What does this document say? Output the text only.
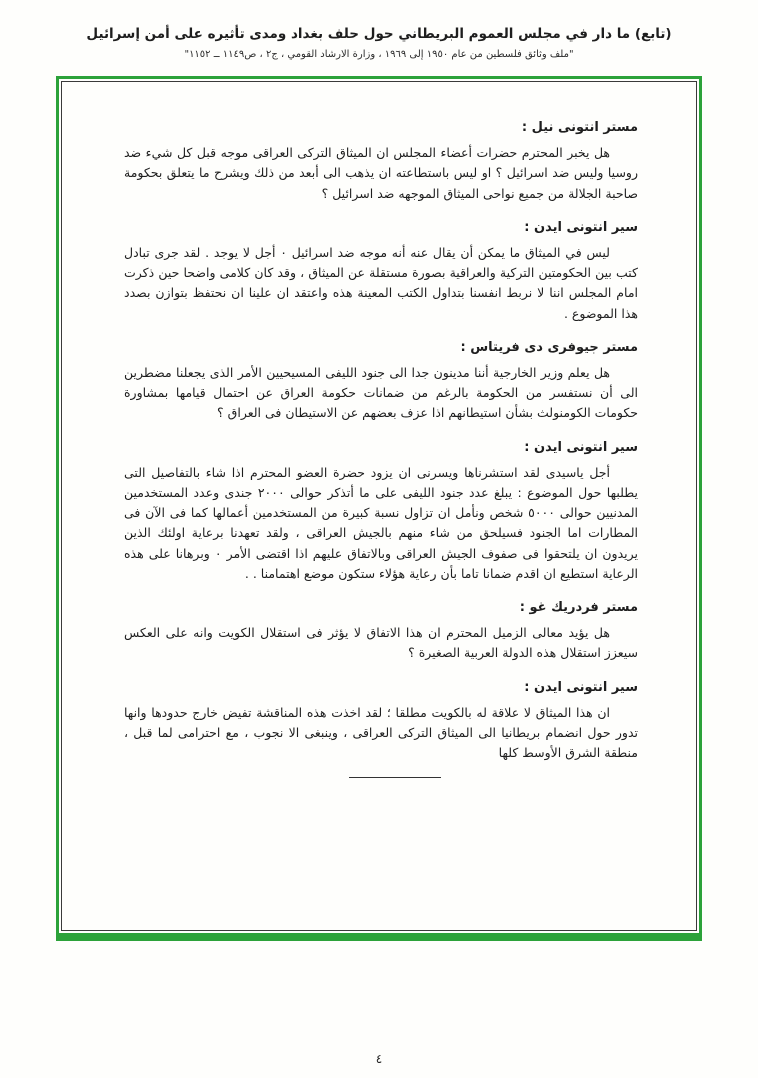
(تابع) ما دار في مجلس العموم البريطاني حول حلف بغداد ومدى تأثيره على أمن إسرائيل
"ملف وثائق فلسطين من عام ١٩٥٠ إلى ١٩٦٩ ، وزارة الارشاد القومي ، ج٢ ، ص١١٤٩ ــ ١١٥٢"
مستر انتونى نيل :

هل يخبر المحترم حضرات أعضاء المجلس ان الميثاق التركى العراقى موجه قبل كل شيء ضد روسيا وليس ضد اسرائيل ؟ او ليس باستطاعته ان يذهب الى أبعد من ذلك ويشرح ما يتعلق بحكومة صاحبة الجلالة من جميع نواحى الميثاق الموجهه ضد اسرائيل ؟

سير انتونى ايدن :

ليس في الميثاق ما يمكن أن يقال عنه أنه موجه ضد اسرائيل ۰ أجل لا يوجد . لقد جرى تبادل كتب بين الحكومتين التركية والعراقية بصورة مستقلة عن الميثاق ، وقد كان كلامى واضحا حين ذكرت امام المجلس اننا لا نربط انفسنا بتداول الكتب المعينة هذه واعتقد ان علينا ان نحتفظ بتوازن بصدد هذا الموضوع .

مستر جيوفرى دى فريتاس :

هل يعلم وزير الخارجية أننا مدينون جدا الى جنود الليفى المسيحيين الأمر الذى يجعلنا مضطرين الى أن نستفسر من الحكومة بالرغم من ضمانات حكومة العراق عن احتمال قيامها بمشاورة حكومات الكومنولث بشأن استيطانهم اذا عزف بعضهم عن الاستيطان فى العراق ؟

سير انتونى ايدن :

أجل ياسيدى لقد استشرناها ويسرنى ان يزود حضرة العضو المحترم اذا شاء بالتفاصيل التى يطلبها حول الموضوع : يبلغ عدد جنود الليفى على ما أتذكر حوالى ٢٠٠٠ جندى وعدد المستخدمين المدنيين حوالى ٥٠٠٠ شخص ونأمل ان تزاول نسبة كبيرة من المستخدمين أعمالها كما فى الآن فى المطارات اما الجنود فسيلحق من شاء منهم بالجيش العراقى ، ولقد تعهدنا برعاية اولئك الذين يريدون ان يلتحقوا فى صفوف الجيش العراقى وبالاتفاق عليهم اذا اقتضى الأمر ۰ وبرهانا على هذه الرعاية استطيع ان اقدم ضمانا تاما بأن رعاية هؤلاء ستكون موضع اهتمامنا . .

مستر فردريك غو :

هل يؤيد معالى الزميل المحترم ان هذا الاتفاق لا يؤثر فى استقلال الكويت وانه على العكس سيعزز استقلال هذه الدولة العربية الصغيرة ؟

سير انتونى ايدن :

ان هذا الميثاق لا علاقة له بالكويت مطلقا ؛ لقد اخذت هذه المناقشة تفيض خارج حدودها وانها تدور حول انضمام بريطانيا الى الميثاق التركى العراقى ، وينبغى الا نجوب ، مع احترامى لما قبل ، منطقة الشرق الأوسط كلها

٤
